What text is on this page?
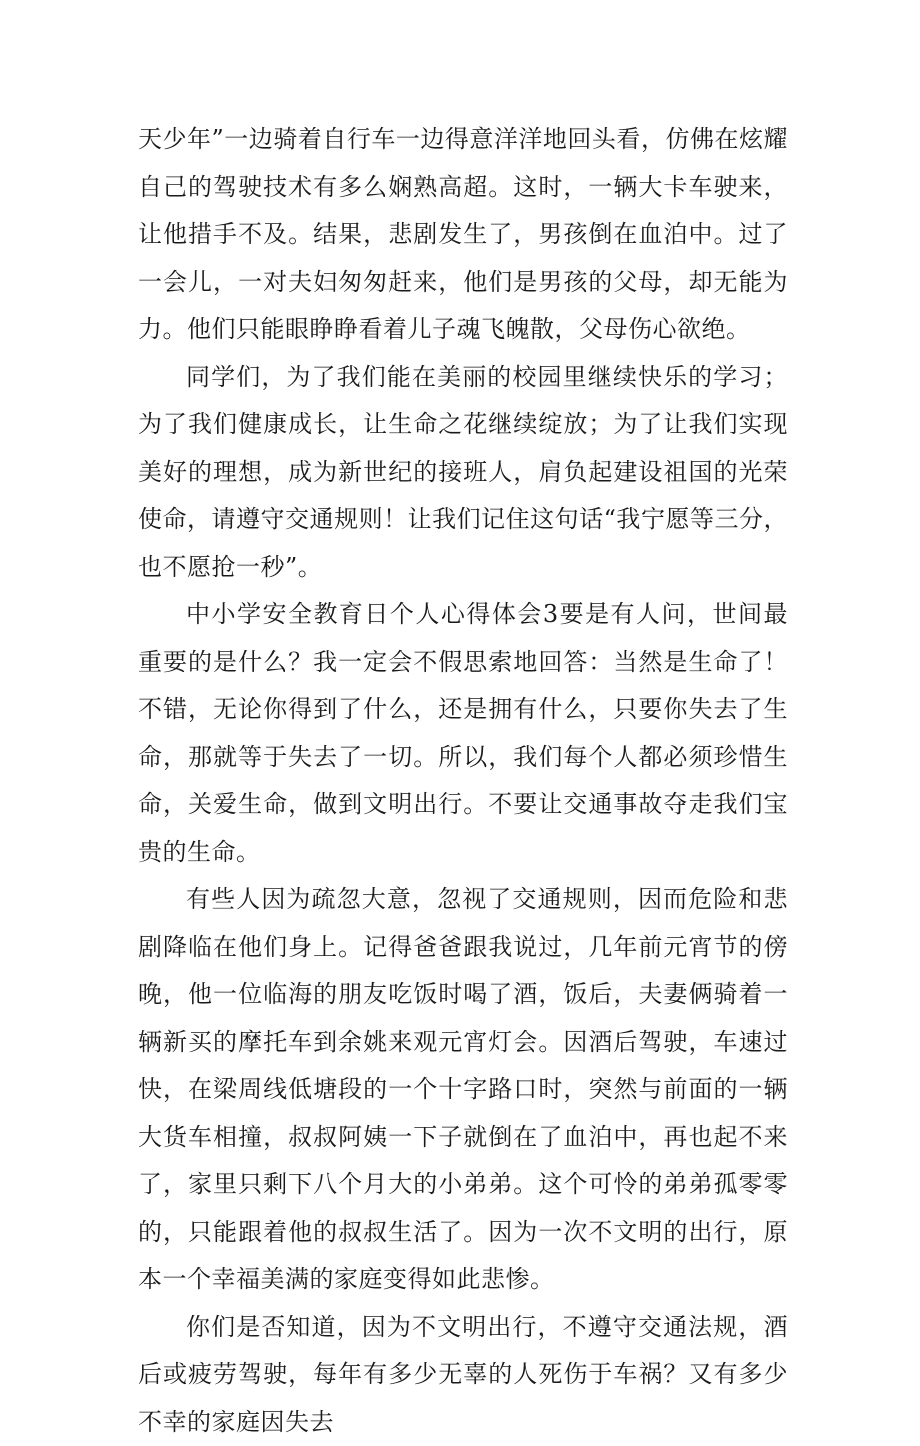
天少年”一边骑着自行车一边得意洋洋地回头看，仿佛在炫耀自己的驾驶技术有多么娴熟高超。这时，一辆大卡车驶来，让他措手不及。结果，悲剧发生了，男孩倒在血泊中。过了一会儿，一对夫妇匆匆赶来，他们是男孩的父母，却无能为力。他们只能眼睁睁看着儿子魂飞魄散，父母伤心欲绝。

同学们，为了我们能在美丽的校园里继续快乐的学习；为了我们健康成长，让生命之花继续绽放；为了让我们实现美好的理想，成为新世纪的接班人，肩负起建设祖国的光荣使命，请遵守交通规则！让我们记住这句话“我宁愿等三分，也不愿抢一秒”。

中小学安全教育日个人心得体会3要是有人问，世间最重要的是什么？我一定会不假思索地回答：当然是生命了！不错，无论你得到了什么，还是拥有什么，只要你失去了生命，那就等于失去了一切。所以，我们每个人都必须珍惜生命，关爱生命，做到文明出行。不要让交通事故夺走我们宝贵的生命。

有些人因为疏忽大意，忽视了交通规则，因而危险和悲剧降临在他们身上。记得爸爸跟我说过，几年前元宵节的傍晚，他一位临海的朋友吃饭时喝了酒，饭后，夫妻俩骑着一辆新买的摩托车到余姚来观元宵灯会。因酒后驾驶，车速过快，在梁周线低塘段的一个十字路口时，突然与前面的一辆大货车相撞，叔叔阿姨一下子就倒在了血泊中，再也起不来了，家里只剩下八个月大的小弟弟。这个可怜的弟弟孤零零的，只能跟着他的叔叔生活了。因为一次不文明的出行，原本一个幸福美满的家庭变得如此悲惨。

你们是否知道，因为不文明出行，不遵守交通法规，酒后或疲劳驾驶，每年有多少无辜的人死伤于车祸？又有多少不幸的家庭因失去
